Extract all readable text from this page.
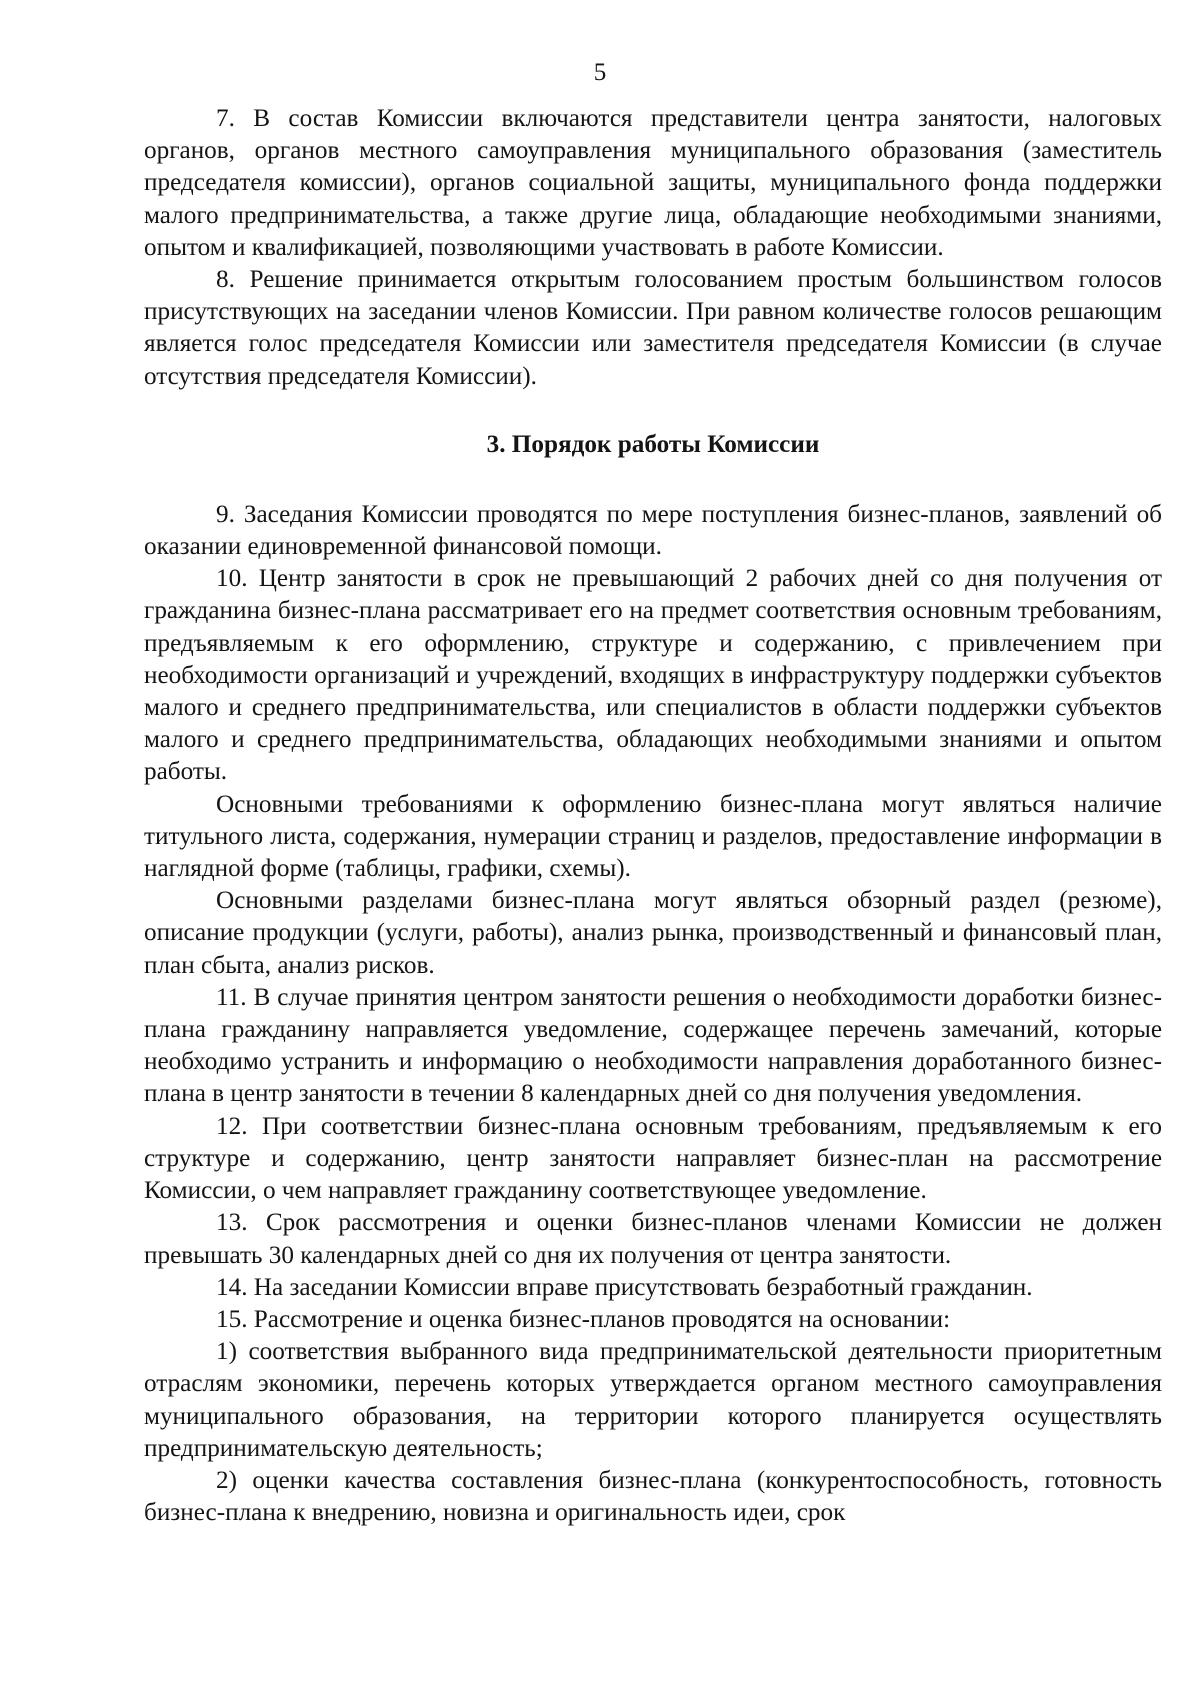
5

7. В состав Комиссии включаются представители центра занятости, налоговых органов, органов местного самоуправления муниципального образования (заместитель председателя комиссии), органов социальной защиты, муниципального фонда поддержки малого предпринимательства, а также другие лица, обладающие необходимыми знаниями, опытом и квалификацией, позволяющими участвовать в работе Комиссии.

8. Решение принимается открытым голосованием простым большинством голосов присутствующих на заседании членов Комиссии. При равном количестве голосов решающим является голос председателя Комиссии или заместителя председателя Комиссии (в случае отсутствия председателя Комиссии).

3. Порядок работы Комиссии

9. Заседания Комиссии проводятся по мере поступления бизнес-планов, заявлений об оказании единовременной финансовой помощи.

10. Центр занятости в срок не превышающий 2 рабочих дней со дня получения от гражданина бизнес-плана рассматривает его на предмет соответствия основным требованиям, предъявляемым к его оформлению, структуре и содержанию, с привлечением при необходимости организаций и учреждений, входящих в инфраструктуру поддержки субъектов малого и среднего предпринимательства, или специалистов в области поддержки субъектов малого и среднего предпринимательства, обладающих необходимыми знаниями и опытом работы.

Основными требованиями к оформлению бизнес-плана могут являться наличие титульного листа, содержания, нумерации страниц и разделов, предоставление информации в наглядной форме (таблицы, графики, схемы).

Основными разделами бизнес-плана могут являться обзорный раздел (резюме), описание продукции (услуги, работы), анализ рынка, производственный и финансовый план, план сбыта, анализ рисков.

11. В случае принятия центром занятости решения о необходимости доработки бизнес-плана гражданину направляется уведомление, содержащее перечень замечаний, которые необходимо устранить и информацию о необходимости направления доработанного бизнес-плана в центр занятости в течении 8 календарных дней со дня получения уведомления.

12. При соответствии бизнес-плана основным требованиям, предъявляемым к его структуре и содержанию, центр занятости направляет бизнес-план на рассмотрение Комиссии, о чем направляет гражданину соответствующее уведомление.

13. Срок рассмотрения и оценки бизнес-планов членами Комиссии не должен превышать 30 календарных дней со дня их получения от центра занятости.

14. На заседании Комиссии вправе присутствовать безработный гражданин.

15. Рассмотрение и оценка бизнес-планов проводятся на основании:

1) соответствия выбранного вида предпринимательской деятельности приоритетным отраслям экономики, перечень которых утверждается органом местного самоуправления муниципального образования, на территории которого планируется осуществлять предпринимательскую деятельность;

2) оценки качества составления бизнес-плана (конкурентоспособность, готовность бизнес-плана к внедрению, новизна и оригинальность идеи, срок
